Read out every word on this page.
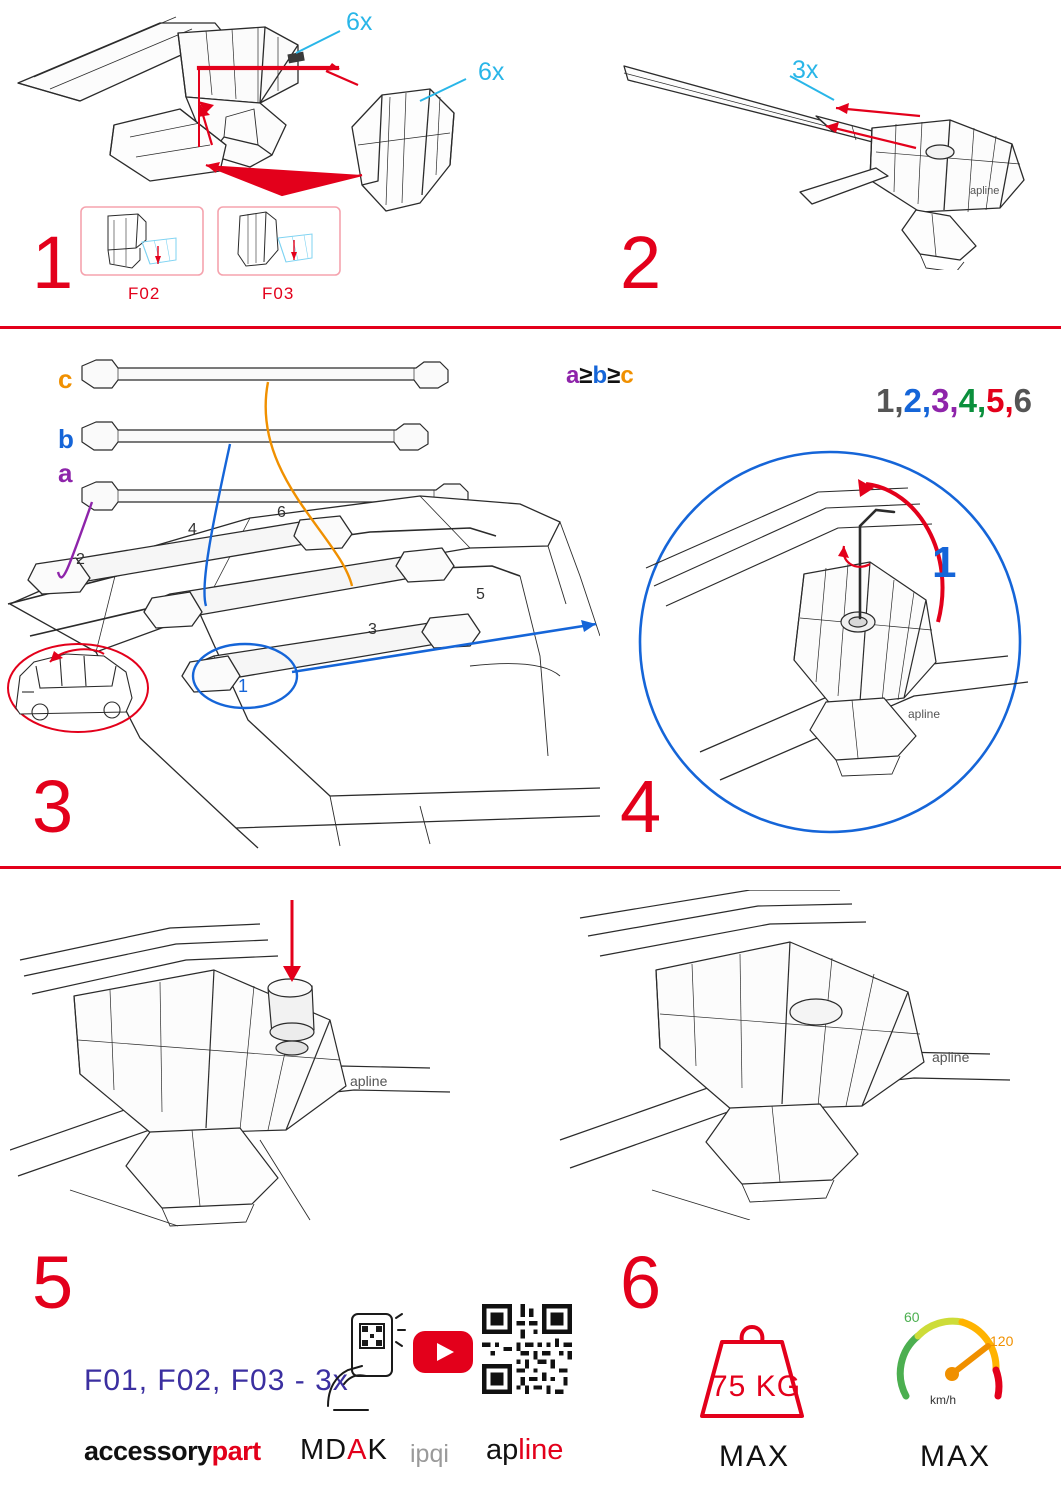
6x
6x
F02	F03
1
apline
3x
2
c
b
a
a≥b≥c
2
4
6
3
5
1
3
apline
1,2,3,4,5,6
1
4
apline
5
apline
6
F01, F02, F03 - 3x
accessory part MD A K ipqi ap line
75 KG
MAX
60
120
km/h
MAX
